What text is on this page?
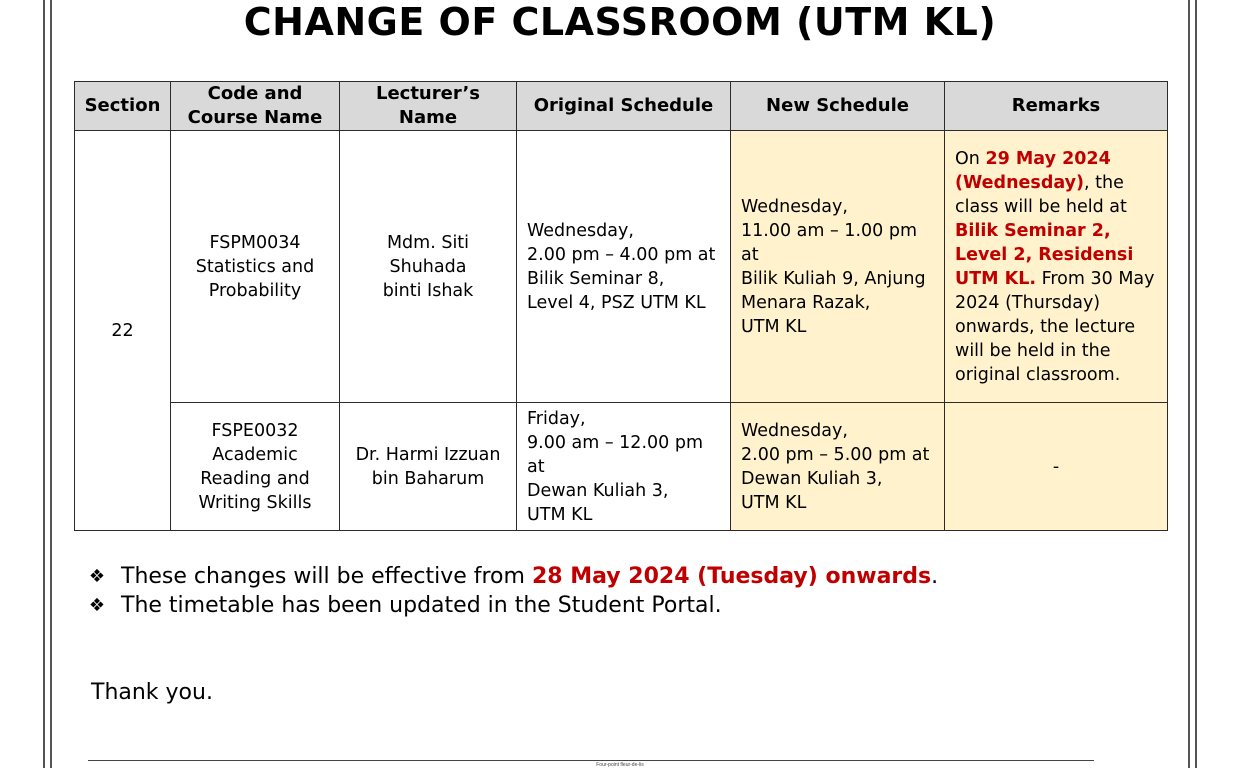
CHANGE OF CLASSROOM (UTM KL)
Section	Code and Course Name	Lecturer’s Name	Original Schedule	New Schedule	Remarks
22	FSPM0034
Statistics and
Probability	Mdm. Siti Shuhada
binti Ishak	Wednesday,
2.00 pm – 4.00 pm at
Bilik Seminar 8,
Level 4, PSZ UTM KL	Wednesday,
11.00 am – 1.00 pm at
Bilik Kuliah 9, Anjung
Menara Razak,
UTM KL	On 29 May 2024 (Wednesday), the class will be held at Bilik Seminar 2, Level 2, Residensi UTM KL. From 30 May 2024 (Thursday) onwards, the lecture will be held in the original classroom.

	FSPE0032
Academic
Reading and
Writing Skills	Dr. Harmi Izzuan
bin Baharum	Friday,
9.00 am – 12.00 pm at
Dewan Kuliah 3,
UTM KL	Wednesday,
2.00 pm – 5.00 pm at
Dewan Kuliah 3,
UTM KL	-
❖ These changes will be effective from 28 May 2024 (Tuesday) onwards.
❖ The timetable has been updated in the Student Portal.
Thank you.
Four-point fleur-de-lis
